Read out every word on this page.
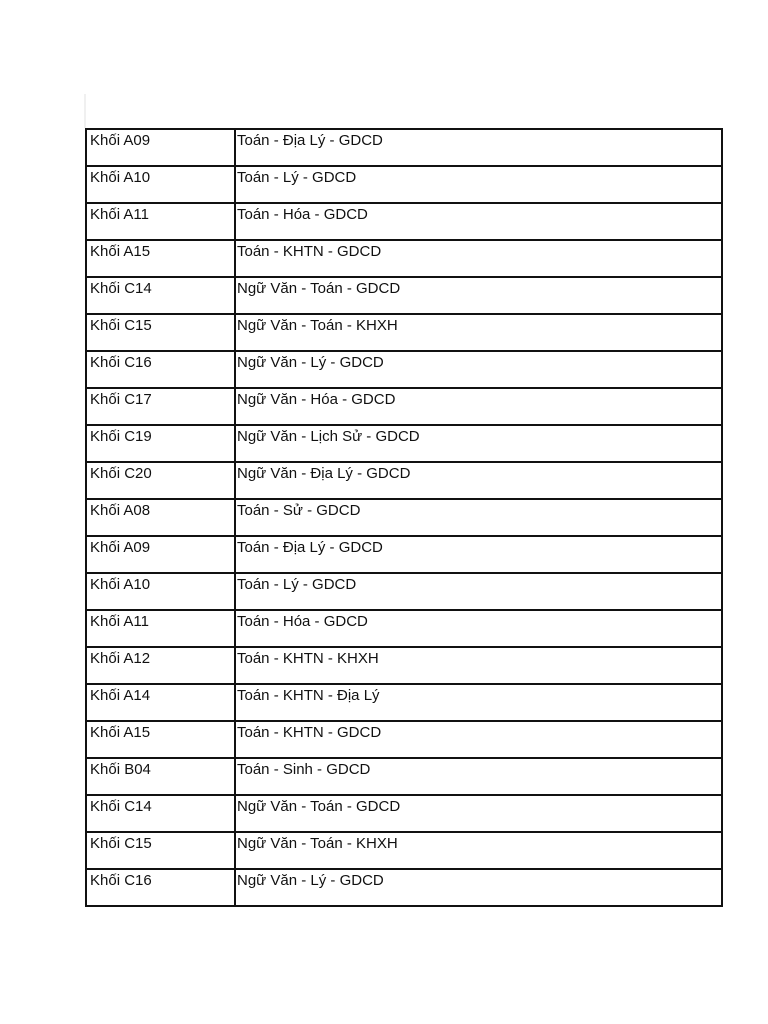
Khối A09	Toán - Địa Lý - GDCD
Khối A10	Toán - Lý - GDCD
Khối A11	Toán - Hóa - GDCD
Khối A15	Toán - KHTN - GDCD
Khối C14	Ngữ Văn - Toán - GDCD
Khối C15	Ngữ Văn - Toán - KHXH
Khối C16	Ngữ Văn - Lý - GDCD
Khối C17	Ngữ Văn - Hóa - GDCD
Khối C19	Ngữ Văn - Lịch Sử - GDCD
Khối C20	Ngữ Văn - Địa Lý - GDCD
Khối A08	Toán - Sử - GDCD
Khối A09	Toán - Địa Lý - GDCD
Khối A10	Toán - Lý - GDCD
Khối A11	Toán - Hóa - GDCD
Khối A12	Toán - KHTN - KHXH
Khối A14	Toán - KHTN - Địa Lý
Khối A15	Toán - KHTN - GDCD
Khối B04	Toán - Sinh - GDCD
Khối C14	Ngữ Văn - Toán - GDCD
Khối C15	Ngữ Văn - Toán - KHXH
Khối C16	Ngữ Văn - Lý - GDCD
